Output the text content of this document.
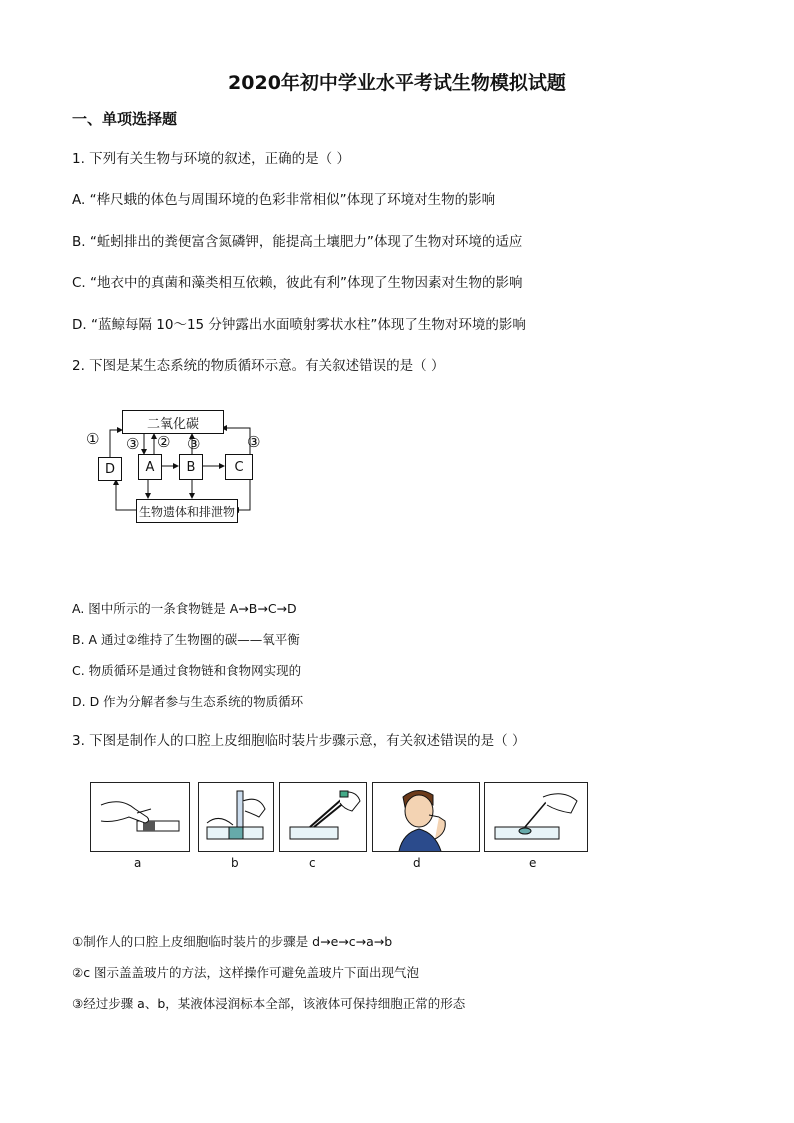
2020年初中学业水平考试生物模拟试题
一、单项选择题
1. 下列有关生物与环境的叙述，正确的是（ ）
A. “桦尺蛾的体色与周围环境的色彩非常相似”体现了环境对生物的影响
B. “蚯蚓排出的粪便富含氮磷钾，能提高土壤肥力”体现了生物对环境的适应
C. “地衣中的真菌和藻类相互依赖，彼此有利”体现了生物因素对生物的影响
D. “蓝鲸每隔 10～15 分钟露出水面喷射雾状水柱”体现了生物对环境的影响
2. 下图是某生态系统的物质循环示意。有关叙述错误的是（ ）
二氧化碳
D	A	B	C
生物遗体和排泄物
① ③ ② ③	③
A. 图中所示的一条食物链是 A→B→C→D
B. A 通过②维持了生物圈的碳——氧平衡
C. 物质循环是通过食物链和食物网实现的
D. D 作为分解者参与生态系统的物质循环
3. 下图是制作人的口腔上皮细胞临时装片步骤示意，有关叙述错误的是（ ）
a	b	c	d	e
①制作人的口腔上皮细胞临时装片的步骤是 d→e→c→a→b
②c 图示盖盖玻片的方法，这样操作可避免盖玻片下面出现气泡
③经过步骤 a、b，某液体浸润标本全部，该液体可保持细胞正常的形态
